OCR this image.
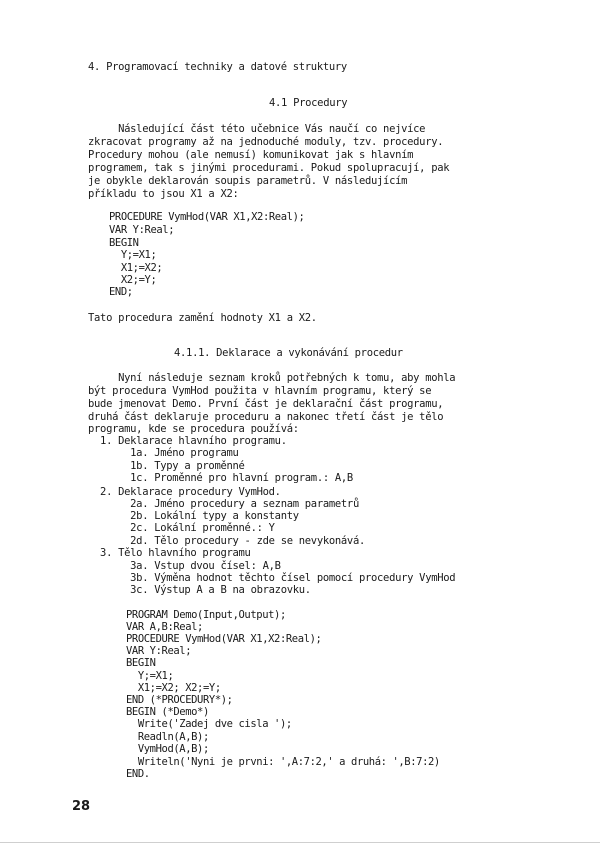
4. Programovací techniky a datové struktury
4.1 Procedury
Následující část této učebnice Vás naučí co nejvíce
zkracovat programy až na jednoduché moduly, tzv. procedury.
Procedury mohou (ale nemusí) komunikovat jak s hlavním
programem, tak s jinými procedurami. Pokud spolupracují, pak
je obykle deklarován soupis parametrů. V následujícím
příkladu to jsou X1 a X2:
PROCEDURE VymHod(VAR X1,X2:Real);
VAR Y:Real;
BEGIN
Y;=X1;
X1;=X2;
X2;=Y;
END;
Tato procedura zamění hodnoty X1 a X2.
4.1.1. Deklarace a vykonávání procedur
Nyní následuje seznam kroků potřebných k tomu, aby mohla
být procedura VymHod použita v hlavním programu, který se
bude jmenovat Demo. První část je deklarační část programu,
druhá část deklaruje proceduru a nakonec třetí část je tělo
programu, kde se procedura používá:
1. Deklarace hlavního programu.
1a. Jméno programu
1b. Typy a proměnné
1c. Proměnné pro hlavní program.: A,B
2. Deklarace procedury VymHod.
2a. Jméno procedury a seznam parametrů
2b. Lokální typy a konstanty
2c. Lokální proměnné.: Y
2d. Tělo procedury - zde se nevykonává.
3. Tělo hlavního programu
3a. Vstup dvou čísel: A,B
3b. Výměna hodnot těchto čísel pomocí procedury VymHod
3c. Výstup A a B na obrazovku.
PROGRAM Demo(Input,Output);
VAR A,B:Real;
PROCEDURE VymHod(VAR X1,X2:Real);
VAR Y:Real;
BEGIN
Y;=X1;
X1;=X2; X2;=Y;
END (*PROCEDURY*);
BEGIN (*Demo*)
Write('Zadej dve cisla ');
Readln(A,B);
VymHod(A,B);
Writeln('Nyni je prvni: ',A:7:2,' a druhá: ',B:7:2)
END.
28
